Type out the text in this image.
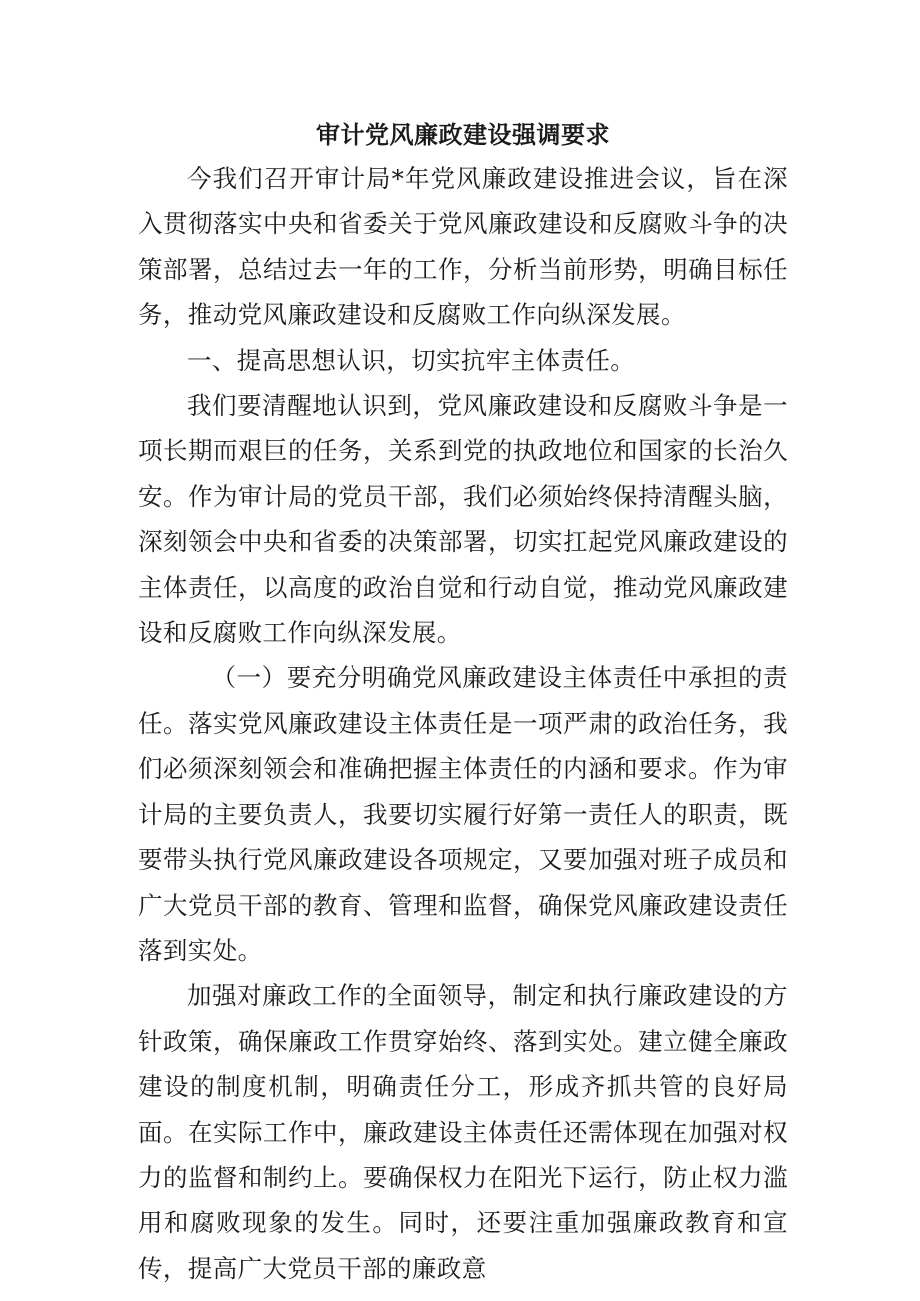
审计党风廉政建设强调要求

今我们召开审计局*年党风廉政建设推进会议，旨在深入贯彻落实中央和省委关于党风廉政建设和反腐败斗争的决策部署，总结过去一年的工作，分析当前形势，明确目标任务，推动党风廉政建设和反腐败工作向纵深发展。

一、提高思想认识，切实抗牢主体责任。

我们要清醒地认识到，党风廉政建设和反腐败斗争是一项长期而艰巨的任务，关系到党的执政地位和国家的长治久安。作为审计局的党员干部，我们必须始终保持清醒头脑，深刻领会中央和省委的决策部署，切实扛起党风廉政建设的主体责任，以高度的政治自觉和行动自觉，推动党风廉政建设和反腐败工作向纵深发展。

（一）要充分明确党风廉政建设主体责任中承担的责任。落实党风廉政建设主体责任是一项严肃的政治任务，我们必须深刻领会和准确把握主体责任的内涵和要求。作为审计局的主要负责人，我要切实履行好第一责任人的职责，既要带头执行党风廉政建设各项规定，又要加强对班子成员和广大党员干部的教育、管理和监督，确保党风廉政建设责任落到实处。

加强对廉政工作的全面领导，制定和执行廉政建设的方针政策，确保廉政工作贯穿始终、落到实处。建立健全廉政建设的制度机制，明确责任分工，形成齐抓共管的良好局面。在实际工作中，廉政建设主体责任还需体现在加强对权力的监督和制约上。要确保权力在阳光下运行，防止权力滥用和腐败现象的发生。同时，还要注重加强廉政教育和宣传，提高广大党员干部的廉政意
